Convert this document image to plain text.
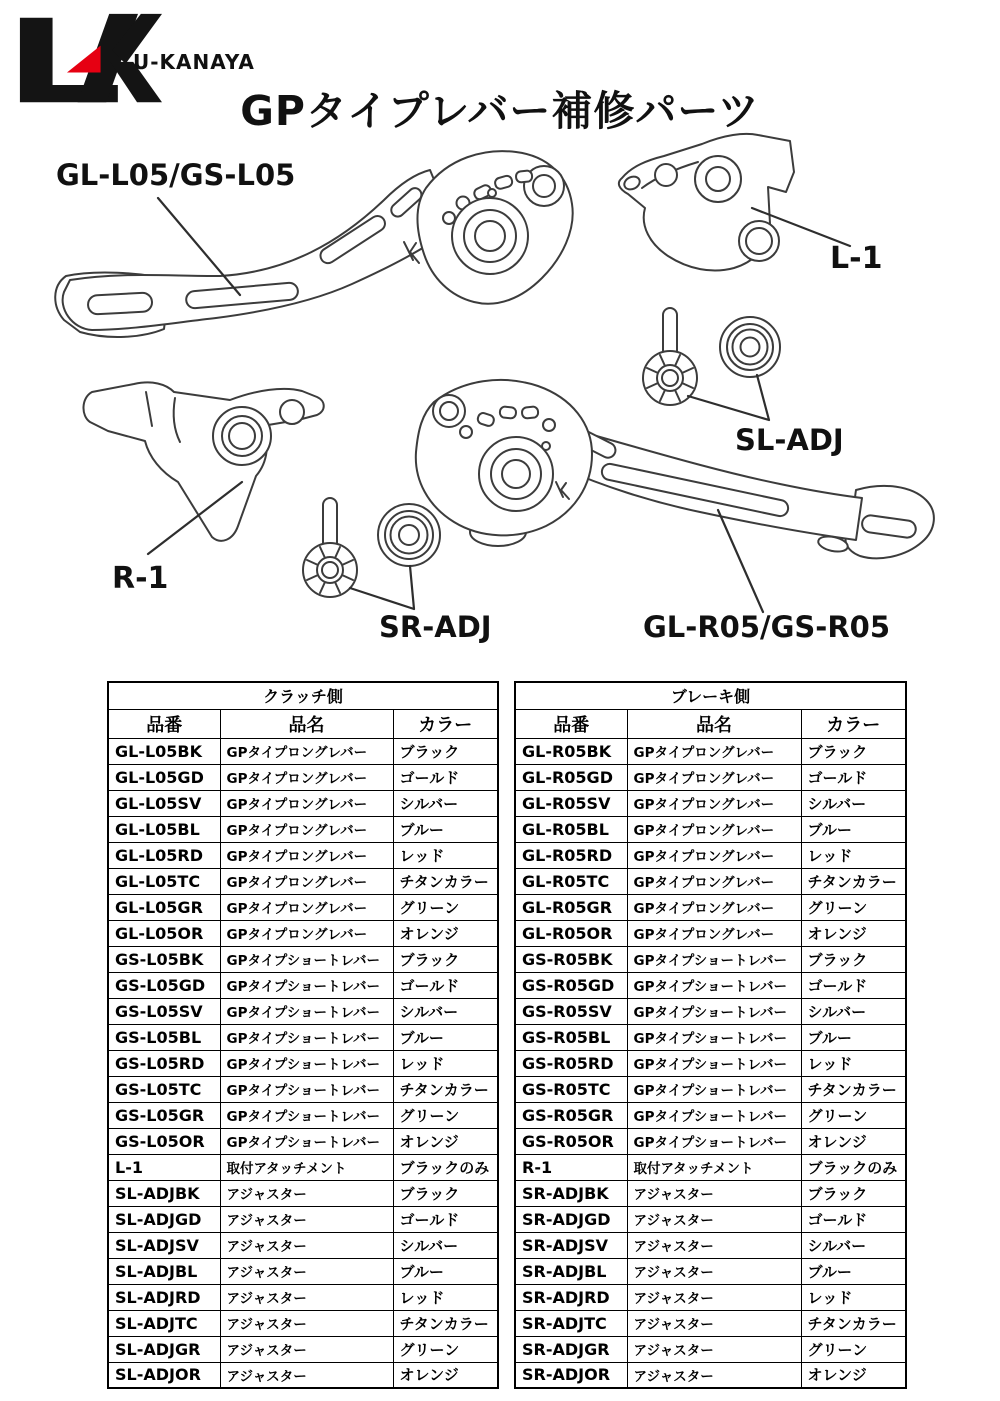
U-KANAYA
GPタイプレバー補修パーツ
GL-L05/GS-L05
L-1
SL-ADJ
R-1
SR-ADJ	GL-R05/GS-R05
クラッチ側		
品番	品名	カラー
GL-L05BK	GPタイプロングレバー	ブラック
GL-L05GD	GPタイプロングレバー	ゴールド
GL-L05SV	GPタイプロングレバー	シルバー
GL-L05BL	GPタイプロングレバー	ブルー
GL-L05RD	GPタイプロングレバー	レッド
GL-L05TC	GPタイプロングレバー	チタンカラー
GL-L05GR	GPタイプロングレバー	グリーン
GL-L05OR	GPタイプロングレバー	オレンジ
GS-L05BK	GPタイプショートレバー	ブラック
GS-L05GD	GPタイプショートレバー	ゴールド
GS-L05SV	GPタイプショートレバー	シルバー
GS-L05BL	GPタイプショートレバー	ブルー
GS-L05RD	GPタイプショートレバー	レッド
GS-L05TC	GPタイプショートレバー	チタンカラー
GS-L05GR	GPタイプショートレバー	グリーン
GS-L05OR	GPタイプショートレバー	オレンジ
L-1	取付アタッチメント	ブラックのみ
SL-ADJBK	アジャスター	ブラック
SL-ADJGD	アジャスター	ゴールド
SL-ADJSV	アジャスター	シルバー
SL-ADJBL	アジャスター	ブルー
SL-ADJRD	アジャスター	レッド
SL-ADJTC	アジャスター	チタンカラー
SL-ADJGR	アジャスター	グリーン
SL-ADJOR	アジャスター	オレンジ
ブレーキ側		
品番	品名	カラー
GL-R05BK	GPタイプロングレバー	ブラック
GL-R05GD	GPタイプロングレバー	ゴールド
GL-R05SV	GPタイプロングレバー	シルバー
GL-R05BL	GPタイプロングレバー	ブルー
GL-R05RD	GPタイプロングレバー	レッド
GL-R05TC	GPタイプロングレバー	チタンカラー
GL-R05GR	GPタイプロングレバー	グリーン
GL-R05OR	GPタイプロングレバー	オレンジ
GS-R05BK	GPタイプショートレバー	ブラック
GS-R05GD	GPタイプショートレバー	ゴールド
GS-R05SV	GPタイプショートレバー	シルバー
GS-R05BL	GPタイプショートレバー	ブルー
GS-R05RD	GPタイプショートレバー	レッド
GS-R05TC	GPタイプショートレバー	チタンカラー
GS-R05GR	GPタイプショートレバー	グリーン
GS-R05OR	GPタイプショートレバー	オレンジ
R-1	取付アタッチメント	ブラックのみ
SR-ADJBK	アジャスター	ブラック
SR-ADJGD	アジャスター	ゴールド
SR-ADJSV	アジャスター	シルバー
SR-ADJBL	アジャスター	ブルー
SR-ADJRD	アジャスター	レッド
SR-ADJTC	アジャスター	チタンカラー
SR-ADJGR	アジャスター	グリーン
SR-ADJOR	アジャスター	オレンジ
